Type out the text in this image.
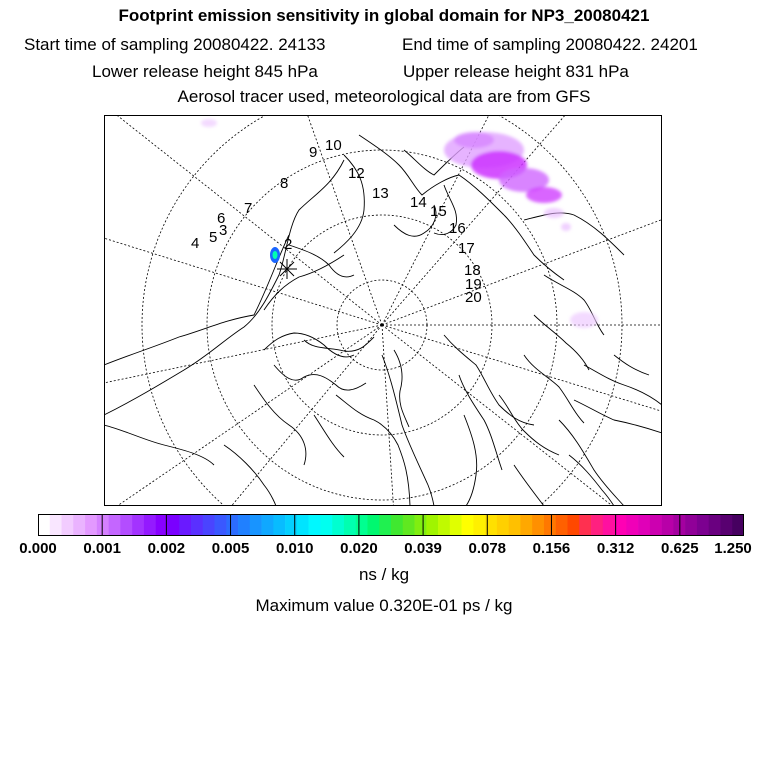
Footprint emission sensitivity in global domain for NP3_20080421
Start time of sampling 20080422. 24133	End time of sampling 20080422. 24201
Lower release height 845 hPa	Upper release height 831 hPa
Aerosol tracer used, meteorological data are from GFS
2
3
4 5
6
7
8
9 10
12
13
14
15
16
17
18
19
20
0.000 0.001 0.002 0.005 0.010 0.020 0.039 0.078 0.156 0.312 0.625 1.250
ns / kg
Maximum value 0.320E-01 ps / kg
